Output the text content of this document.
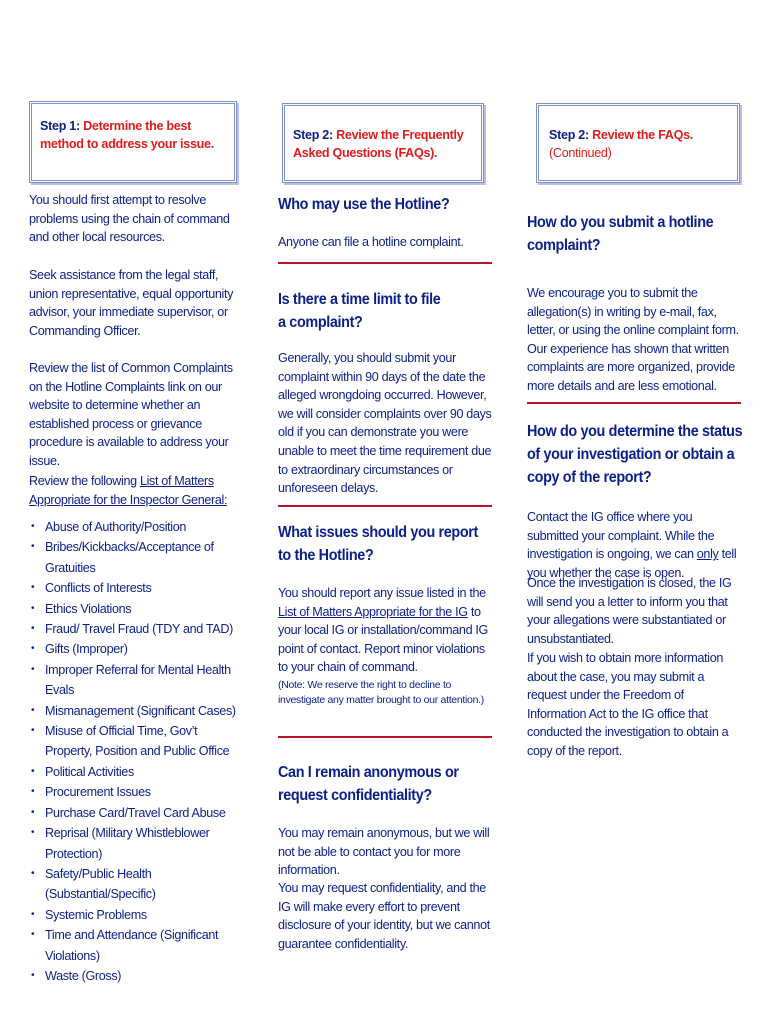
Step 1: Determine the best method to address your issue.

You should first attempt to resolve problems using the chain of command and other local resources.

Seek assistance from the legal staff, union representative, equal opportunity advisor, your immediate supervisor, or Commanding Officer.

Review the list of Common Complaints on the Hotline Complaints link on our website to determine whether an established process or grievance procedure is available to address your issue.

Review the following List of Matters Appropriate for the Inspector General:

• Abuse of Authority/Position
• Bribes/Kickbacks/Acceptance of Gratuities
• Conflicts of Interests
• Ethics Violations
• Fraud/ Travel Fraud (TDY and TAD)
• Gifts (Improper)
• Improper Referral for Mental Health Evals
• Mismanagement (Significant Cases)
• Misuse of Official Time, Gov’t Property, Position and Public Office
• Political Activities
• Procurement Issues
• Purchase Card/Travel Card Abuse
• Reprisal (Military Whistleblower Protection)
• Safety/Public Health (Substantial/Specific)
• Systemic Problems
• Time and Attendance (Significant Violations)
• Waste (Gross)
Step 2: Review the Frequently Asked Questions (FAQs).
Who may use the Hotline?
Anyone can file a hotline complaint.
Is there a time limit to file a complaint?
Generally, you should submit your complaint within 90 days of the date the alleged wrongdoing occurred. However, we will consider complaints over 90 days old if you can demonstrate you were unable to meet the time requirement due to extraordinary circumstances or unforeseen delays.
What issues should you report to the Hotline?
You should report any issue listed in the List of Matters Appropriate for the IG to your local IG or installation/command IG point of contact. Report minor violations to your chain of command.
(Note: We reserve the right to decline to investigate any matter brought to our attention.)
Can I remain anonymous or request confidentiality?
You may remain anonymous, but we will not be able to contact you for more information.
You may request confidentiality, and the IG will make every effort to prevent disclosure of your identity, but we cannot guarantee confidentiality.
Step 2: Review the FAQs. (Continued)
How do you submit a hotline complaint?
We encourage you to submit the allegation(s) in writing by e-mail, fax, letter, or using the online complaint form. Our experience has shown that written complaints are more organized, provide more details and are less emotional.
How do you determine the status of your investigation or obtain a copy of the report?
Contact the IG office where you submitted your complaint. While the investigation is ongoing, we can only tell you whether the case is open.
Once the investigation is closed, the IG will send you a letter to inform you that your allegations were substantiated or unsubstantiated.
If you wish to obtain more information about the case, you may submit a request under the Freedom of Information Act to the IG office that conducted the investigation to obtain a copy of the report.
